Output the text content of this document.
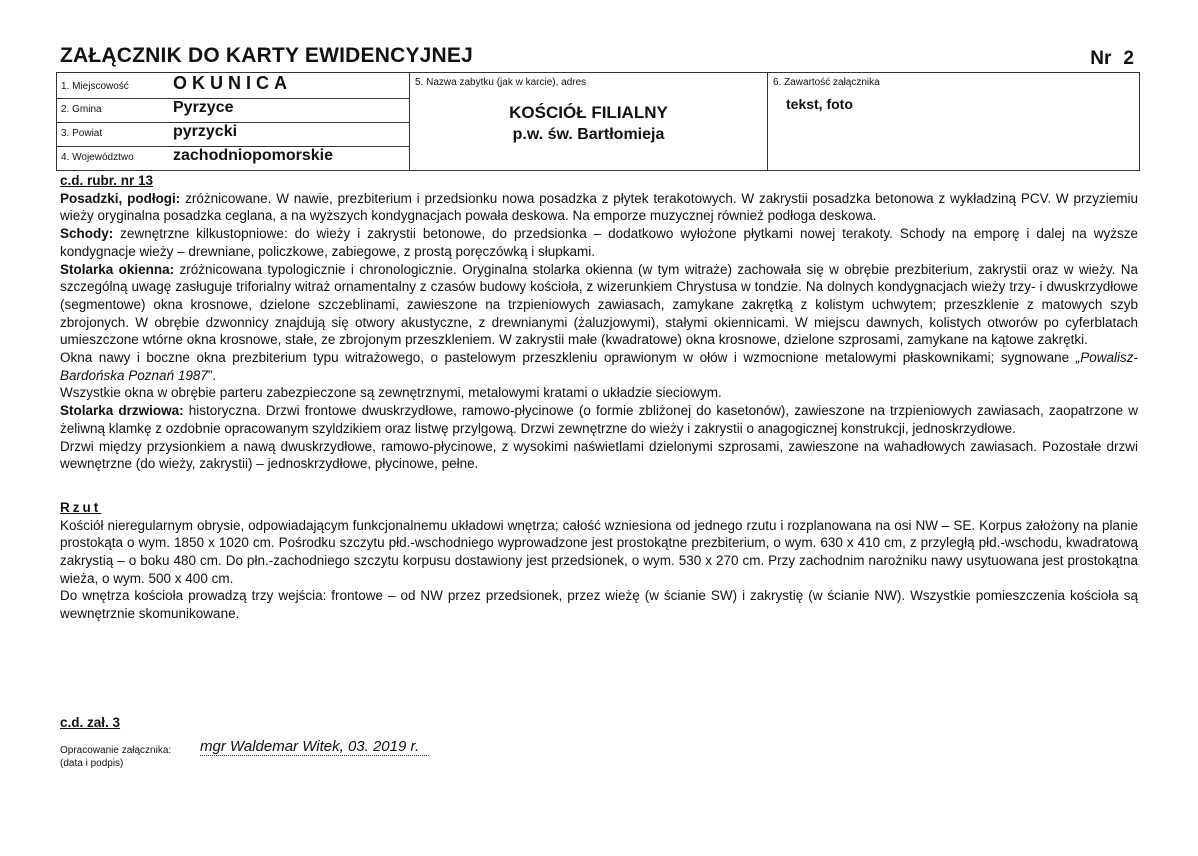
ZAŁĄCZNIK DO KARTY EWIDENCYJNEJ	Nr 2
1. Miejscowość OKUNICA	5. Nazwa zabytku (jak w karcie), adres
KOŚCIÓŁ FILIALNY
p.w. św. Bartłomieja

6. Zawartość załącznika
tekst, foto

2. Gmina	Pyrzyce
3. Powiat	pyrzycki
4. Województwo zachodniopomorskie

c.d. rubr. nr 13

Posadzki, podłogi: zróżnicowane. W nawie, prezbiterium i przedsionku nowa posadzka z płytek terakotowych. W zakrystii posadzka betonowa z wykładziną PCV. W przyziemiu wieży oryginalna posadzka ceglana, a na wyższych kondygnacjach powała deskowa. Na emporze muzycznej również podłoga deskowa.

Schody: zewnętrzne kilkustopniowe: do wieży i zakrystii betonowe, do przedsionka – dodatkowo wyłożone płytkami nowej terakoty. Schody na emporę i dalej na wyższe kondygnacje wieży – drewniane, policzkowe, zabiegowe, z prostą poręczówką i słupkami.

Stolarka okienna: zróżnicowana typologicznie i chronologicznie. Oryginalna stolarka okienna (w tym witraże) zachowała się w obrębie prezbiterium, zakrystii oraz w wieży. Na szczególną uwagę zasługuje triforialny witraż ornamentalny z czasów budowy kościoła, z wizerunkiem Chrystusa w tondzie. Na dolnych kondygnacjach wieży trzy- i dwuskrzydłowe (segmentowe) okna krosnowe, dzielone szczeblinami, zawieszone na trzpieniowych zawiasach, zamykane zakrętką z kolistym uchwytem; przeszklenie z matowych szyb zbrojonych. W obrębie dzwonnicy znajdują się otwory akustyczne, z drewnianymi (żaluzjowymi), stałymi okiennicami. W miejscu dawnych, kolistych otworów po cyferblatach umieszczone wtórne okna krosnowe, stałe, ze zbrojonym przeszkleniem. W zakrystii małe (kwadratowe) okna krosnowe, dzielone szprosami, zamykane na kątowe zakrętki.

Okna nawy i boczne okna prezbiterium typu witrażowego, o pastelowym przeszkleniu oprawionym w ołów i wzmocnione metalowymi płaskownikami; sygnowane „Powalisz-Bardońska Poznań 1987”.

Wszystkie okna w obrębie parteru zabezpieczone są zewnętrznymi, metalowymi kratami o układzie sieciowym.

Stolarka drzwiowa: historyczna. Drzwi frontowe dwuskrzydłowe, ramowo-płycinowe (o formie zbliżonej do kasetonów), zawieszone na trzpieniowych zawiasach, zaopatrzone w żeliwną klamkę z ozdobnie opracowanym szyldzikiem oraz listwę przylgową. Drzwi zewnętrzne do wieży i zakrystii o anagogicznej konstrukcji, jednoskrzydłowe.

Drzwi między przysionkiem a nawą dwuskrzydłowe, ramowo-płycinowe, z wysokimi naświetlami dzielonymi szprosami, zawieszone na wahadłowych zawiasach. Pozostałe drzwi wewnętrzne (do wieży, zakrystii) – jednoskrzydłowe, płycinowe, pełne.

Rzut

Kościół nieregularnym obrysie, odpowiadającym funkcjonalnemu układowi wnętrza; całość wzniesiona od jednego rzutu i rozplanowana na osi NW – SE. Korpus założony na planie prostokąta o wym. 1850 x 1020 cm. Pośrodku szczytu płd.-wschodniego wyprowadzone jest prostokątne prezbiterium, o wym. 630 x 410 cm, z przyległą płd.-wschodu, kwadratową zakrystią – o boku 480 cm. Do płn.-zachodniego szczytu korpusu dostawiony jest przedsionek, o wym. 530 x 270 cm. Przy zachodnim narożniku nawy usytuowana jest prostokątna wieża, o wym. 500 x 400 cm.

Do wnętrza kościoła prowadzą trzy wejścia: frontowe – od NW przez przedsionek, przez wieżę (w ścianie SW) i zakrystię (w ścianie NW). Wszystkie pomieszczenia kościoła są wewnętrznie skomunikowane.

c.d. zał. 3
Opracowanie załącznika:
(data i podpis)
mgr Waldemar Witek, 03. 2019 r.
